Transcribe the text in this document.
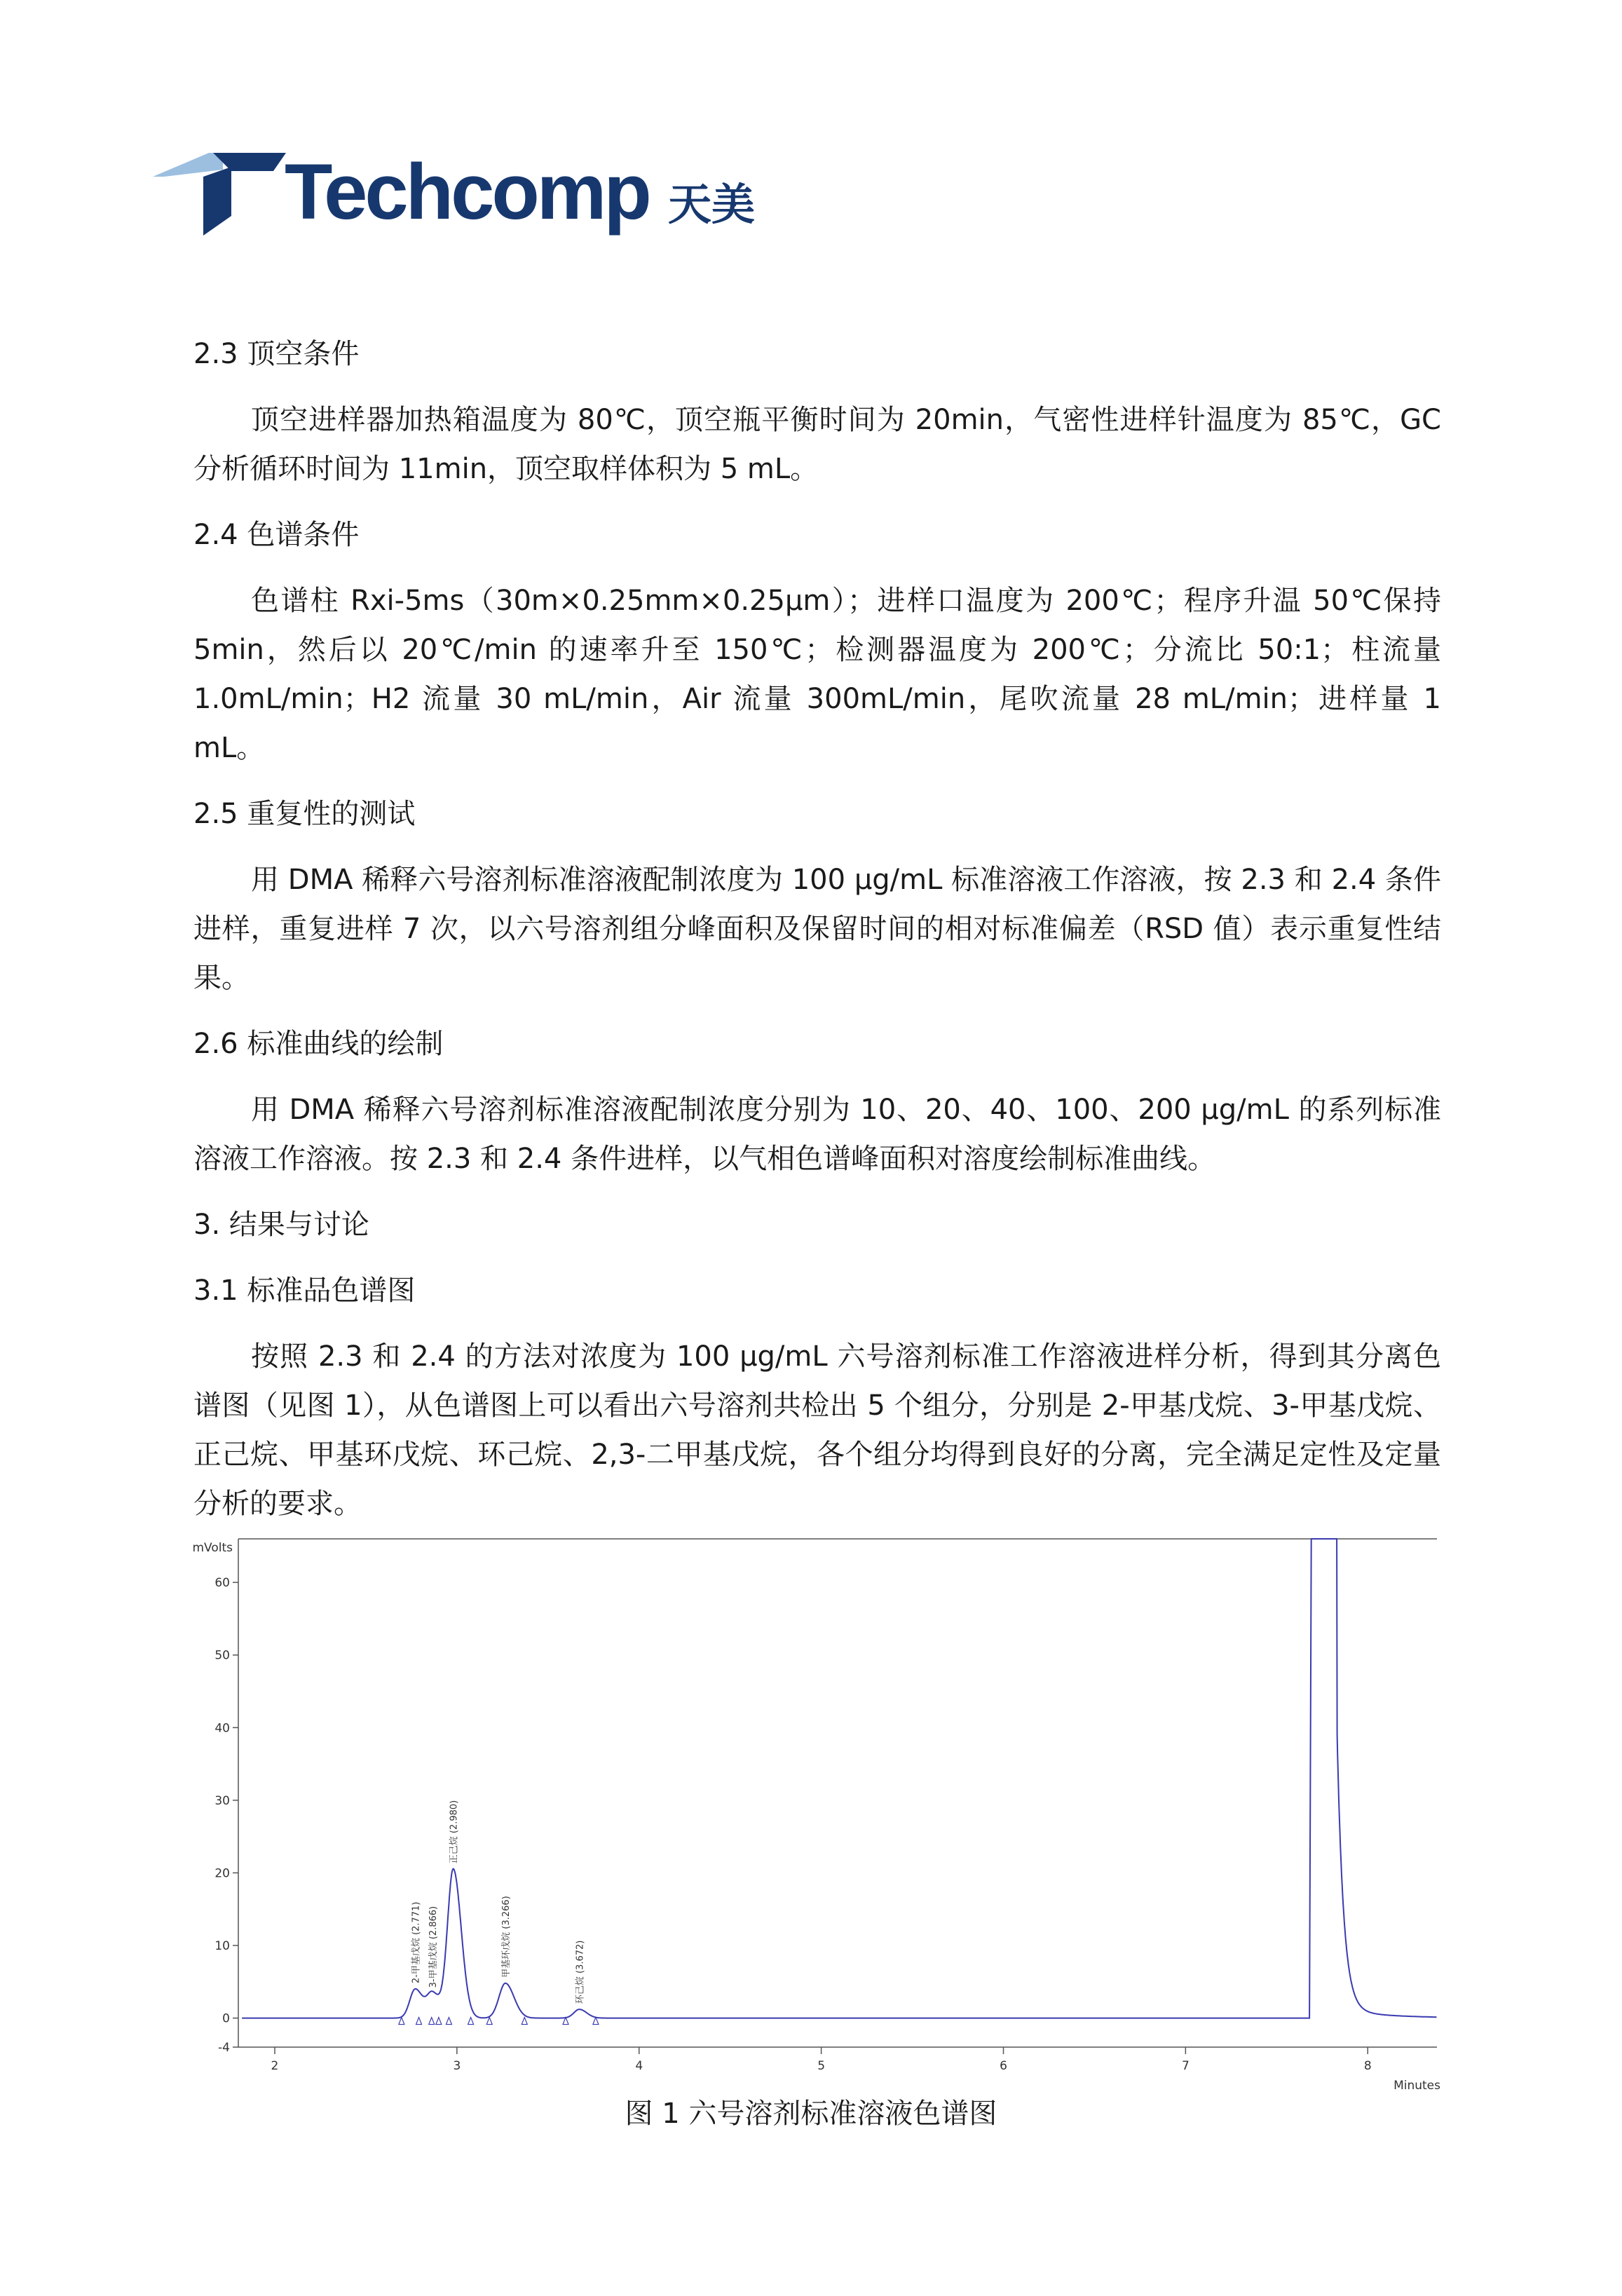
Techcomp 天美

2.3 顶空条件

顶空进样器加热箱温度为 80℃，顶空瓶平衡时间为 20min，气密性进样针温度为 85℃，GC 分析循环时间为 11min，顶空取样体积为 5 mL。

2.4 色谱条件

色谱柱 Rxi-5ms（30m×0.25mm×0.25μm）；进样口温度为 200℃；程序升温 50℃保持 5min，然后以 20℃/min 的速率升至 150℃；检测器温度为 200℃；分流比 50:1；柱流量 1.0mL/min；H2 流量 30 mL/min，Air 流量 300mL/min，尾吹流量 28 mL/min；进样量 1 mL。

2.5 重复性的测试

用 DMA 稀释六号溶剂标准溶液配制浓度为 100 μg/mL 标准溶液工作溶液，按 2.3 和 2.4 条件进样，重复进样 7 次，以六号溶剂组分峰面积及保留时间的相对标准偏差（RSD 值）表示重复性结果。

2.6 标准曲线的绘制

用 DMA 稀释六号溶剂标准溶液配制浓度分别为 10、20、40、100、200 μg/mL 的系列标准溶液工作溶液。按 2.3 和 2.4 条件进样，以气相色谱峰面积对溶度绘制标准曲线。

3. 结果与讨论

3.1 标准品色谱图

按照 2.3 和 2.4 的方法对浓度为 100 μg/mL 六号溶剂标准工作溶液进样分析，得到其分离色谱图（见图 1），从色谱图上可以看出六号溶剂共检出 5 个组分，分别是 2-甲基戊烷、3-甲基戊烷、正己烷、甲基环戊烷、环己烷、2,3-二甲基戊烷，各个组分均得到良好的分离，完全满足定性及定量分析的要求。

-4
0
10
20
30
40
50
60
2	3	4	5	6	7	8
mVolts
Minutes
2-甲基戊烷 (2.771) 3-甲基戊烷 (2.866)
正己烷 (2.980)
甲基环戊烷 (3.266)	环己烷 (3.672)
图 1 六号溶剂标准溶液色谱图
